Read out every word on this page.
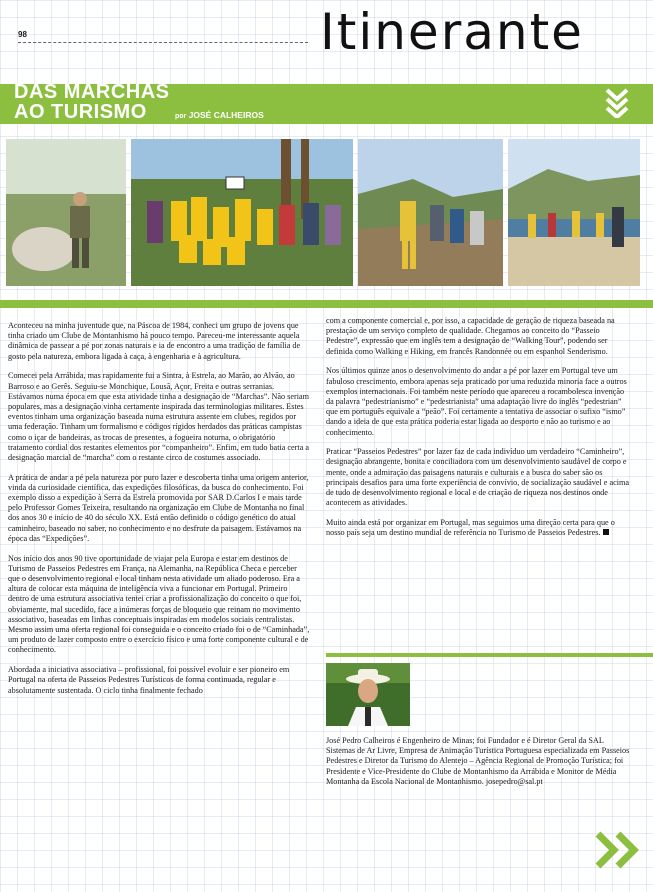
98	Itinerante
DAS MARCHAS
AO TURISMO	por JOSÉ CALHEIROS

Aconteceu na minha juventude que, na Páscoa de 1984, conheci um grupo de jovens que tinha criado um Clube de Montanhismo há pouco tempo. Pareceu-me interessante aquela dinâmica de passear a pé por zonas naturais e ia de encontro a uma tradição de família de gosto pela natureza, embora ligada à caça, à engenharia e à agricultura.

Comecei pela Arrábida, mas rapidamente fui a Sintra, à Estrela, ao Marão, ao Alvão, ao Barroso e ao Gerês. Seguiu-se Monchique, Lousã, Açor, Freita e outras serranias. Estávamos numa época em que esta atividade tinha a designação de “Marchas”. Não seriam populares, mas a designação vinha certamente inspirada das terminologias militares. Estes eventos tinham uma organização baseada numa estrutura assente em clubes, regidos por uma federação. Tinham um formalismo e códigos rígidos herdados das práticas campistas como o içar de bandeiras, as trocas de presentes, a fogueira noturna, o obrigatório tratamento cordial dos restantes elementos por “companheiro”. Enfim, em tudo batia certa a designação marcial de “marcha” com o restante circo de costumes associado.

A prática de andar a pé pela natureza por puro lazer e descoberta tinha uma origem anterior, vinda da curiosidade científica, das expedições filosóficas, da busca do conhecimento. Foi exemplo disso a expedição à Serra da Estrela promovida por SAR D.Carlos I e mais tarde pelo Professor Gomes Teixeira, resultando na organização em Clube de Montanha no final dos anos 30 e início de 40 do século XX. Está então definido o código genético do atual caminheiro, baseado no saber, no conhecimento e no desfrute da paisagem. Estávamos na época das “Expedições”.

Nos início dos anos 90 tive oportunidade de viajar pela Europa e estar em destinos de Turismo de Passeios Pedestres em França, na Alemanha, na República Checa e perceber que o desenvolvimento regional e local tinham nesta atividade um aliado poderoso. Era a altura de colocar esta máquina de inteligência viva a funcionar em Portugal. Primeiro dentro de uma estrutura associativa tentei criar a profissionalização do conceito o que foi, obviamente, mal sucedido, face a inúmeras forças de bloqueio que reinam no movimento associativo, baseadas em linhas conceptuais inspiradas em modelos sociais centralistas. Mesmo assim uma oferta regional foi conseguida e o conceito criado foi o de “Caminhada”, um produto de lazer composto entre o exercício físico e uma forte componente cultural e de conhecimento.

Abordada a iniciativa associativa – profissional, foi possível evoluir e ser pioneiro em Portugal na oferta de Passeios Pedestres Turísticos de forma continuada, regular e absolutamente sustentada. O ciclo tinha finalmente fechado

com a componente comercial e, por isso, a capacidade de geração de riqueza baseada na prestação de um serviço completo de qualidade. Chegamos ao conceito do “Passeio Pedestre”, expressão que em inglês tem a designação de “Walking Tour”, podendo ser definida como Walking e Hiking, em francês Randonnée ou em espanhol Senderismo.

Nos últimos quinze anos o desenvolvimento do andar a pé por lazer em Portugal teve um fabuloso crescimento, embora apenas seja praticado por uma reduzida minoria face a outros exemplos internacionais. Foi também neste período que apareceu a rocambolesca invenção da palavra “pedestrianismo” e “pedestrianista” uma adaptação livre do inglês “pedestrian” que em português equivale a “peão”. Foi certamente a tentativa de associar o sufixo “ismo” dando a ideia de que esta prática poderia estar ligada ao desporto e não ao turismo e ao conhecimento.

Praticar “Passeios Pedestres” por lazer faz de cada indivíduo um verdadeiro “Caminheiro”, designação abrangente, bonita e conciliadora com um desenvolvimento saudável de corpo e mente, onde a admiração das paisagens naturais e culturais e a busca do saber são os principais desafios para uma forte experiência de convívio, de socialização saudável e acima de tudo de desenvolvimento regional e local e de criação de riqueza nos destinos onde acontecem as atividades.

Muito ainda está por organizar em Portugal, mas seguimos uma direção certa para que o nosso país seja um destino mundial de referência no Turismo de Passeios Pedestres.

José Pedro Calheiros é Engenheiro de Minas; foi Fundador e é Diretor Geral da SAL Sistemas de Ar Livre, Empresa de Animação Turística Portuguesa especializada em Passeios Pedestres e Diretor da Turismo do Alentejo – Agência Regional de Promoção Turística; foi Presidente e Vice-Presidente do Clube de Montanhismo da Arrábida e Monitor de Média Montanha da Escola Nacional de Montanhismo. josepedro@sal.pt
